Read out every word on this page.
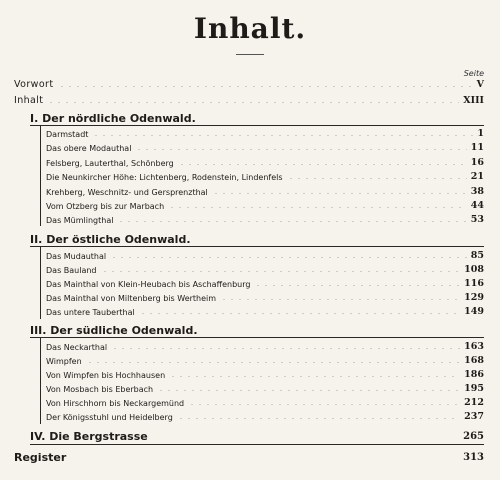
Inhalt.
Seite
Vorwort	V
Inhalt	XIII
I. Der nördliche Odenwald.
Darmstadt	1
Das obere Modauthal	11
Felsberg, Lauterthal, Schönberg	16
Die Neunkircher Höhe: Lichtenberg, Rodenstein, Lindenfels	21
Krehberg, Weschnitz- und Gersprenzthal	38
Vom Otzberg bis zur Marbach	44
Das Mümlingthal	53
II. Der östliche Odenwald.
Das Mudauthal	85
Das Bauland	108
Das Mainthal von Klein-Heubach bis Aschaffenburg	116
Das Mainthal von Miltenberg bis Wertheim	129
Das untere Tauberthal	149
III. Der südliche Odenwald.
Das Neckarthal	163
Wimpfen	168
Von Wimpfen bis Hochhausen	186
Von Mosbach bis Eberbach	195
Von Hirschhorn bis Neckargemünd	212
Der Königsstuhl und Heidelberg	237
IV. Die Bergstrasse	265
Register	313
